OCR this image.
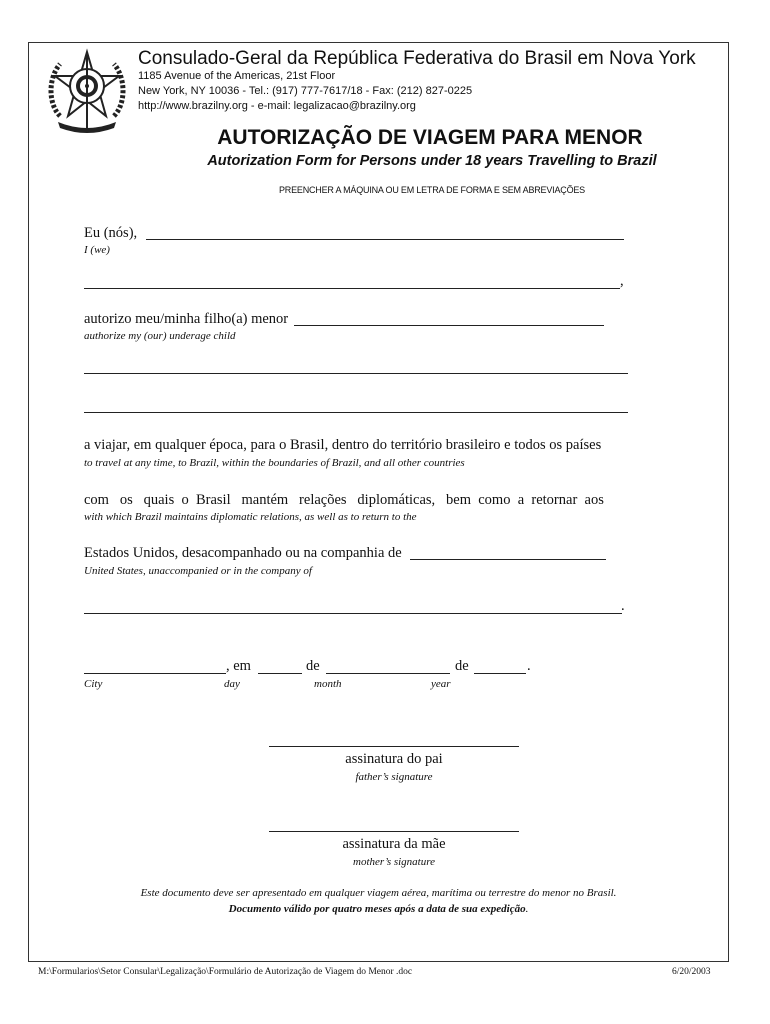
Consulado-Geral da República Federativa do Brasil em Nova York
1185 Avenue of the Americas, 21st Floor
New York, NY 10036 - Tel.: (917) 777-7617/18 - Fax: (212) 827-0225
http://www.brazilny.org - e-mail: legalizacao@brazilny.org
AUTORIZAÇÃO DE VIAGEM PARA MENOR
Autorization Form for Persons under 18 years Travelling to Brazil
PREENCHER A MÁQUINA OU EM LETRA DE FORMA E SEM ABREVIAÇÕES
Eu (nós),
I (we)
,
autorizo meu/minha filho(a) menor
authorize my (our) underage child
a viajar, em qualquer época, para o Brasil, dentro do território brasileiro e todos os países
to travel at any time, to Brazil, within the boundaries of Brazil, and all other countries
com   os   quais  o  Brasil   mantém   relações   diplomáticas,   bem  como  a  retornar  aos
with which Brazil maintains diplomatic relations, as well as to return to the
Estados Unidos, desacompanhado ou na companhia de
United States, unaccompanied or in the company of
.
, em	de	de	.
City	day	month	year
assinatura do pai
father’s signature
assinatura da mãe
mother’s signature
Este documento deve ser apresentado em qualquer viagem aérea, marítima ou terrestre do menor no Brasil.
Documento válido por quatro meses após a data de sua expedição.
M:\Formularios\Setor Consular\Legalização\Formulário de Autorização de Viagem do Menor .doc	6/20/2003
